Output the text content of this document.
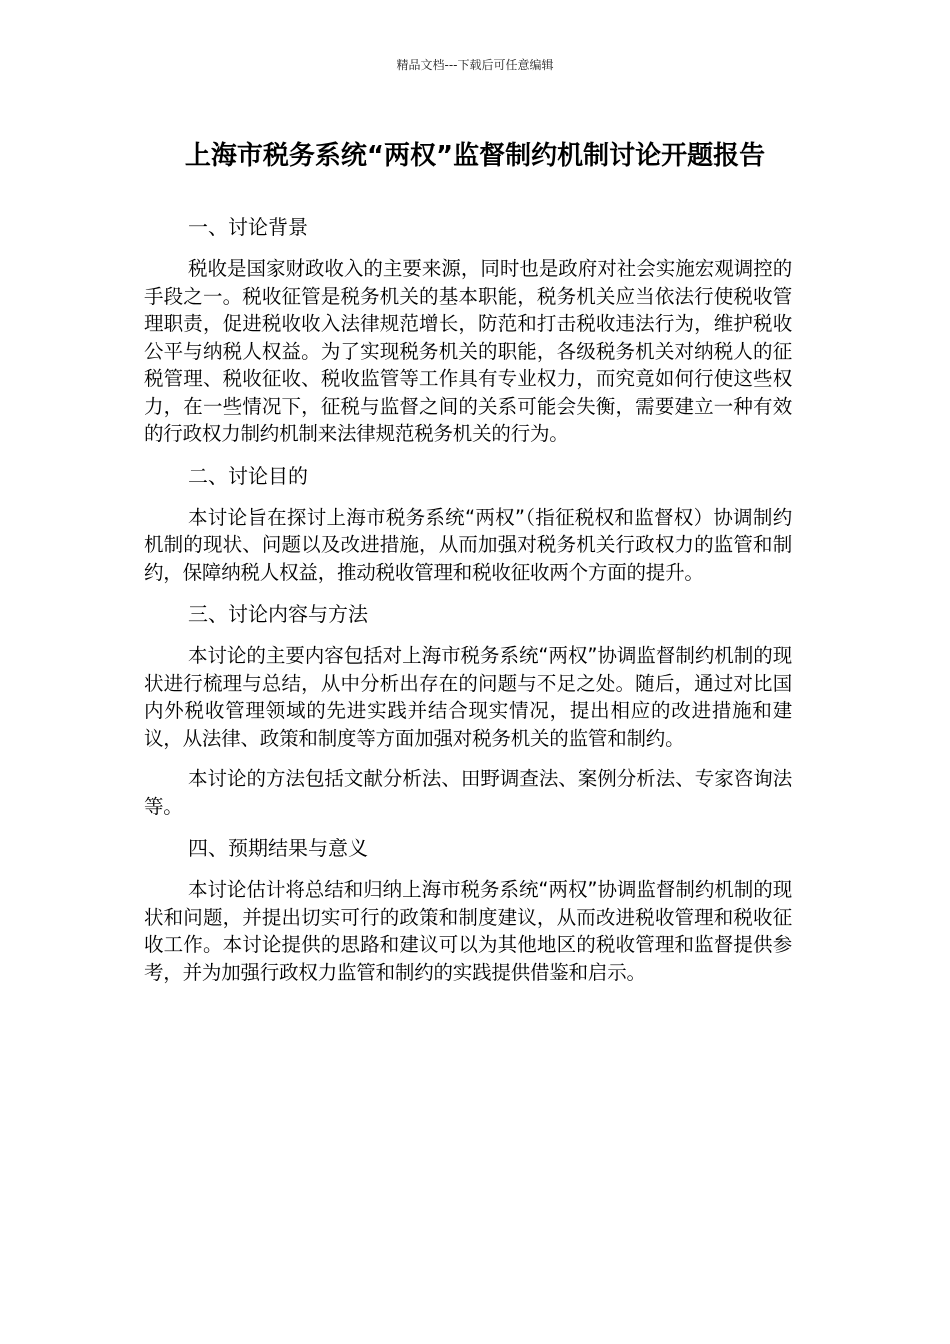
精品文档---下载后可任意编辑
上海市税务系统“两权”监督制约机制讨论开题报告

一、讨论背景

税收是国家财政收入的主要来源，同时也是政府对社会实施宏观调控的手段之一。税收征管是税务机关的基本职能，税务机关应当依法行使税收管理职责，促进税收收入法律规范增长，防范和打击税收违法行为，维护税收公平与纳税人权益。为了实现税务机关的职能，各级税务机关对纳税人的征税管理、税收征收、税收监管等工作具有专业权力，而究竟如何行使这些权力，在一些情况下，征税与监督之间的关系可能会失衡，需要建立一种有效的行政权力制约机制来法律规范税务机关的行为。

二、讨论目的

本讨论旨在探讨上海市税务系统“两权”（指征税权和监督权）协调制约机制的现状、问题以及改进措施，从而加强对税务机关行政权力的监管和制约，保障纳税人权益，推动税收管理和税收征收两个方面的提升。

三、讨论内容与方法

本讨论的主要内容包括对上海市税务系统“两权”协调监督制约机制的现状进行梳理与总结，从中分析出存在的问题与不足之处。随后，通过对比国内外税收管理领域的先进实践并结合现实情况，提出相应的改进措施和建议，从法律、政策和制度等方面加强对税务机关的监管和制约。

本讨论的方法包括文献分析法、田野调查法、案例分析法、专家咨询法等。

四、预期结果与意义

本讨论估计将总结和归纳上海市税务系统“两权”协调监督制约机制的现状和问题，并提出切实可行的政策和制度建议，从而改进税收管理和税收征收工作。本讨论提供的思路和建议可以为其他地区的税收管理和监督提供参考，并为加强行政权力监管和制约的实践提供借鉴和启示。
